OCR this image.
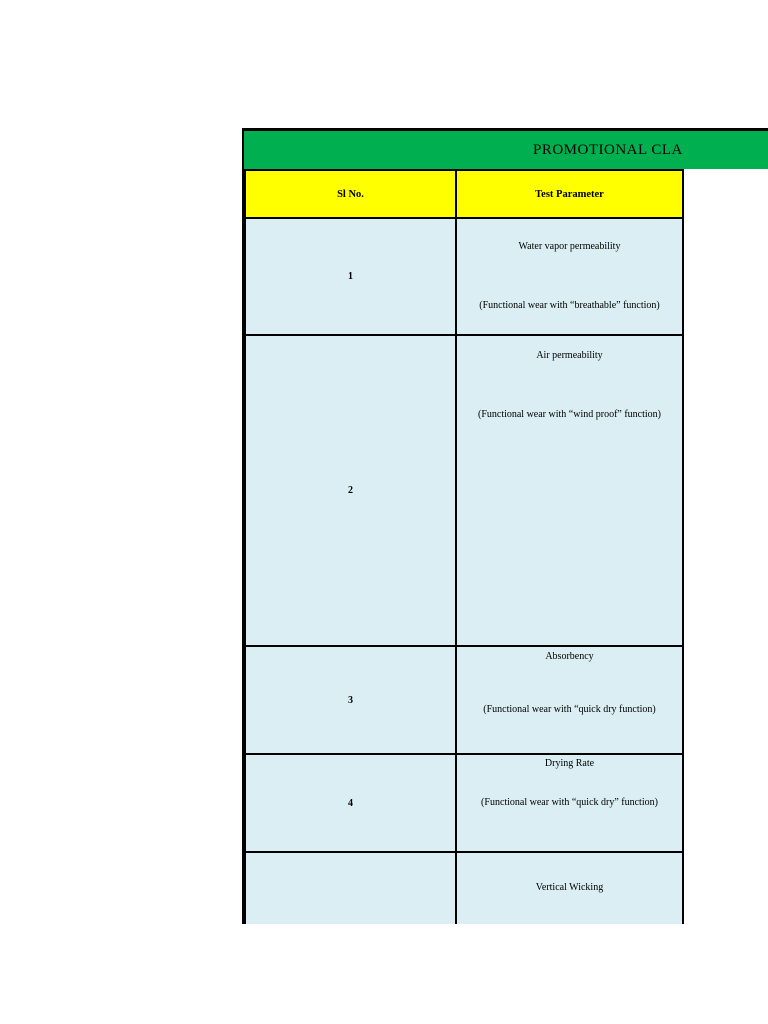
PROMOTIONAL CLA
Sl No.	Test Parameter
1	Water vapor permeability
(Functional wear with “breathable” function)

2	Air permeability
(Functional wear with “wind proof” function)

3	Absorbency
(Functional wear with “quick dry function)

4	Drying Rate
(Functional wear with “quick dry” function)

	Vertical Wicking
